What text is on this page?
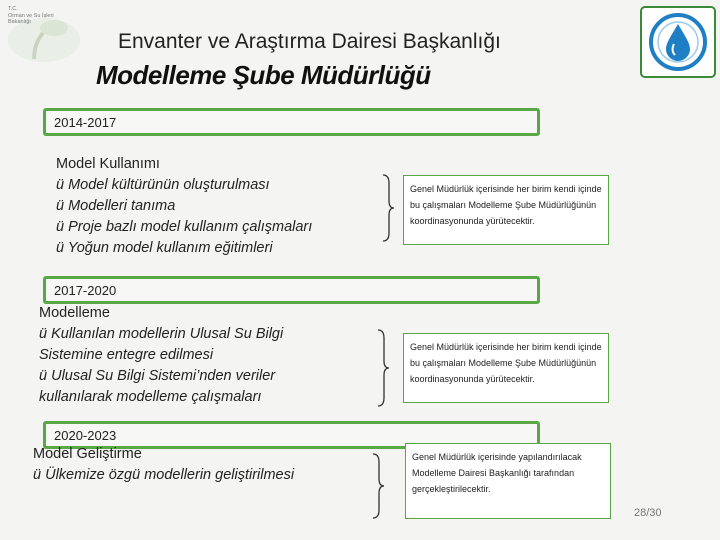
T.C.
Orman ve Su İşleri
Bakanlığı
Envanter ve Araştırma Dairesi Başkanlığı
Modelleme Şube Müdürlüğü
2014-2017
Model Kullanımı
ü Model kültürünün oluşturulması
ü Modelleri tanıma
ü Proje bazlı model kullanım çalışmaları
ü Yoğun model kullanım eğitimleri
Genel Müdürlük içerisinde her birim kendi içinde bu çalışmaları Modelleme Şube Müdürlüğünün koordinasyonunda yürütecektir.
2017-2020
Modelleme
ü Kullanılan modellerin Ulusal Su Bilgi
Sistemine entegre edilmesi
ü Ulusal Su Bilgi Sistemi’nden veriler
kullanılarak modelleme çalışmaları
Genel Müdürlük içerisinde her birim kendi içinde bu çalışmaları Modelleme Şube Müdürlüğünün koordinasyonunda yürütecektir.
2020-2023
Model Geliştirme
ü Ülkemize özgü modellerin geliştirilmesi
Genel Müdürlük içerisinde yapılandırılacak Modelleme Dairesi Başkanlığı tarafından gerçekleştirilecektir.
28/30
